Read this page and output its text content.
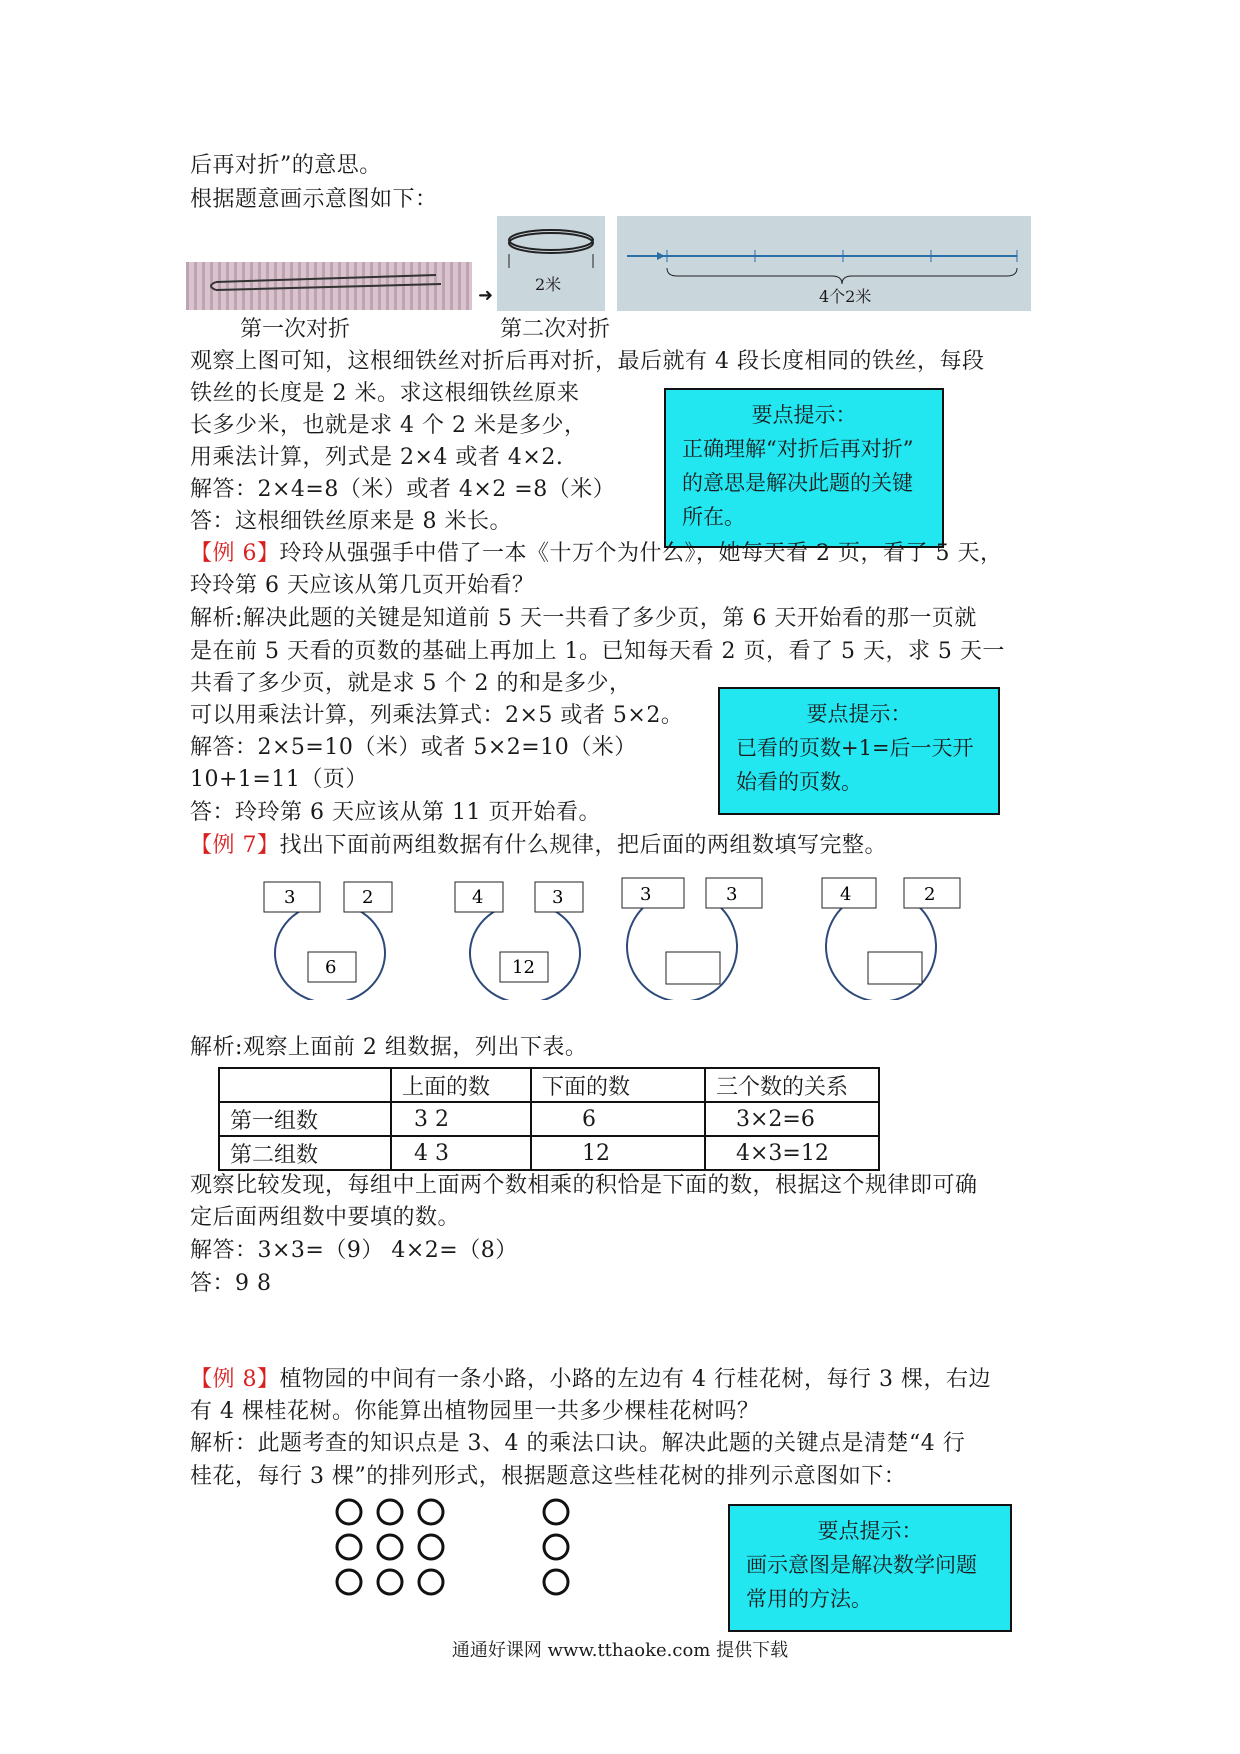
后再对折”的意思。
根据题意画示意图如下：
➜
2米
4个2米
第一次对折	第二次对折
观察上图可知，这根细铁丝对折后再对折，最后就有 4 段长度相同的铁丝，每段
铁丝的长度是 2 米。求这根细铁丝原来
长多少米，也就是求 4 个 2 米是多少，
用乘法计算，列式是 2×4 或者 4×2.
解答：2×4=8（米）或者 4×2 =8（米）
答：这根细铁丝原来是 8 米长。
要点提示：
正确理解“对折后再对折”
的意思是解决此题的关键
所在。
【例 6】玲玲从强强手中借了一本《十万个为什么》，她每天看 2 页，看了 5 天，
玲玲第 6 天应该从第几页开始看？
解析:解决此题的关键是知道前 5 天一共看了多少页，第 6 天开始看的那一页就
是在前 5 天看的页数的基础上再加上 1。已知每天看 2 页，看了 5 天，求 5 天一
共看了多少页，就是求 5 个 2 的和是多少，
可以用乘法计算，列乘法算式：2×5 或者 5×2。
解答：2×5=10（米）或者 5×2=10（米）
10+1=11（页）
答：玲玲第 6 天应该从第 11 页开始看。
要点提示：
已看的页数+1=后一天开
始看的页数。
【例 7】找出下面前两组数据有什么规律，把后面的两组数填写完整。
3	2
6
4	3
12
3	3	4	2
解析:观察上面前 2 组数据，列出下表。
	上面的数	下面的数	三个数的关系
第一组数	3 2	6	3×2=6
第二组数	4 3	12	4×3=12
观察比较发现，每组中上面两个数相乘的积恰是下面的数，根据这个规律即可确
定后面两组数中要填的数。
解答：3×3=（9） 4×2=（8）
答：9 8
【例 8】植物园的中间有一条小路，小路的左边有 4 行桂花树，每行 3 棵，右边
有 4 棵桂花树。你能算出植物园里一共多少棵桂花树吗？
解析：此题考查的知识点是 3、4 的乘法口诀。解决此题的关键点是清楚“4 行
桂花，每行 3 棵”的排列形式，根据题意这些桂花树的排列示意图如下：
要点提示：
画示意图是解决数学问题
常用的方法。
通通好课网 www.tthaoke.com 提供下载
